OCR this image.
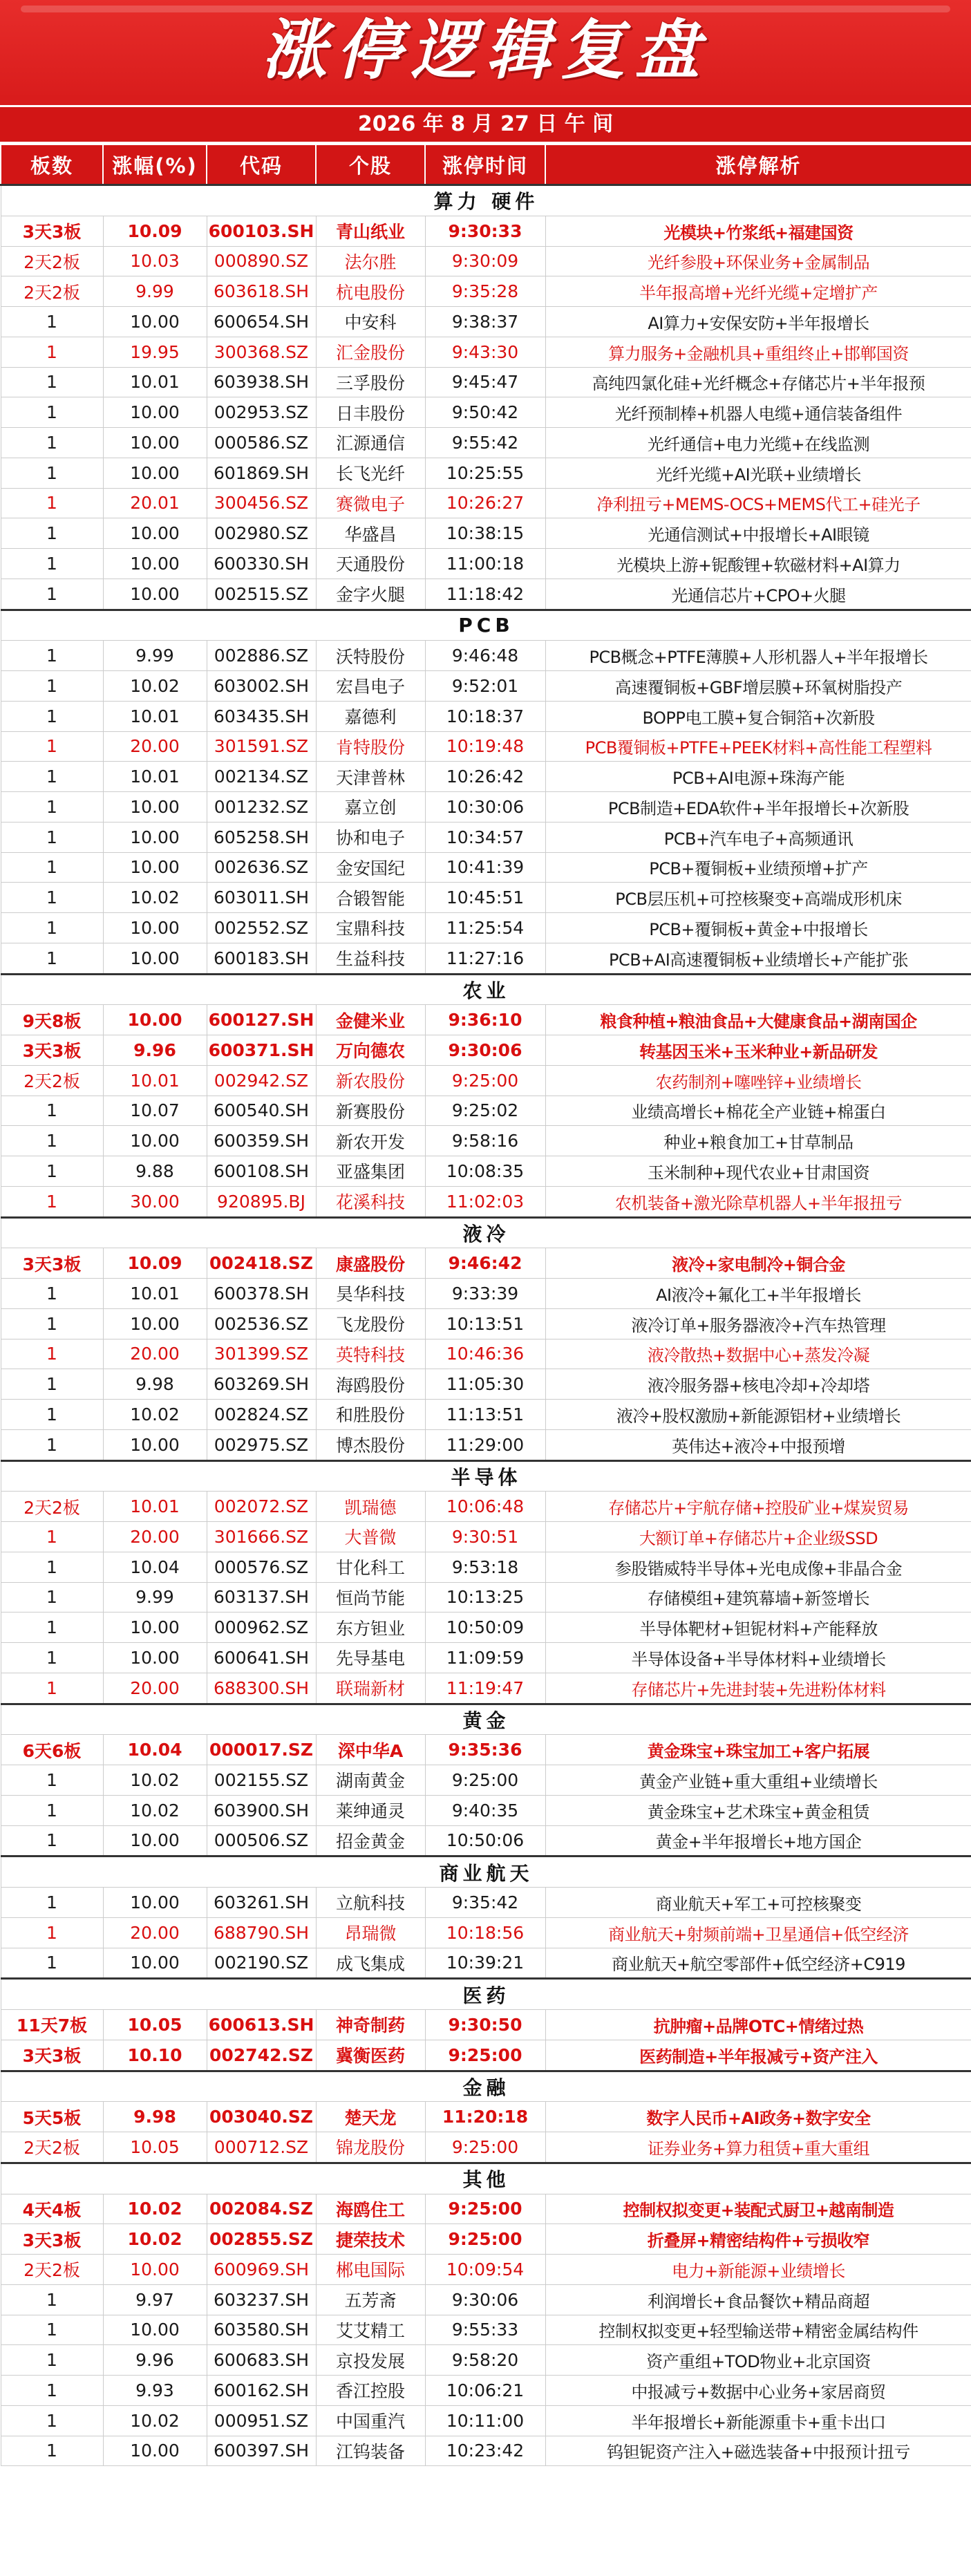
涨停逻辑复盘
2026 年 8 月 27 日 午 间
板数	涨幅(%)	代码	个股	涨停时间	涨停解析
算力 硬件					
3天3板	10.09	600103.SH	青山纸业	9:30:33	光模块+竹浆纸+福建国资
2天2板	10.03	000890.SZ	法尔胜	9:30:09	光纤参股+环保业务+金属制品
2天2板	9.99	603618.SH	杭电股份	9:35:28	半年报高增+光纤光缆+定增扩产
1	10.00	600654.SH	中安科	9:38:37	AI算力+安保安防+半年报增长
1	19.95	300368.SZ	汇金股份	9:43:30	算力服务+金融机具+重组终止+邯郸国资
1	10.01	603938.SH	三孚股份	9:45:47	高纯四氯化硅+光纤概念+存储芯片+半年报预
1	10.00	002953.SZ	日丰股份	9:50:42	光纤预制棒+机器人电缆+通信装备组件
1	10.00	000586.SZ	汇源通信	9:55:42	光纤通信+电力光缆+在线监测
1	10.00	601869.SH	长飞光纤	10:25:55	光纤光缆+AI光联+业绩增长
1	20.01	300456.SZ	赛微电子	10:26:27	净利扭亏+MEMS-OCS+MEMS代工+硅光子
1	10.00	002980.SZ	华盛昌	10:38:15	光通信测试+中报增长+AI眼镜
1	10.00	600330.SH	天通股份	11:00:18	光模块上游+铌酸锂+软磁材料+AI算力
1	10.00	002515.SZ	金字火腿	11:18:42	光通信芯片+CPO+火腿
PCB					
1	9.99	002886.SZ	沃特股份	9:46:48	PCB概念+PTFE薄膜+人形机器人+半年报增长
1	10.02	603002.SH	宏昌电子	9:52:01	高速覆铜板+GBF增层膜+环氧树脂投产
1	10.01	603435.SH	嘉德利	10:18:37	BOPP电工膜+复合铜箔+次新股
1	20.00	301591.SZ	肯特股份	10:19:48	PCB覆铜板+PTFE+PEEK材料+高性能工程塑料
1	10.01	002134.SZ	天津普林	10:26:42	PCB+AI电源+珠海产能
1	10.00	001232.SZ	嘉立创	10:30:06	PCB制造+EDA软件+半年报增长+次新股
1	10.00	605258.SH	协和电子	10:34:57	PCB+汽车电子+高频通讯
1	10.00	002636.SZ	金安国纪	10:41:39	PCB+覆铜板+业绩预增+扩产
1	10.02	603011.SH	合锻智能	10:45:51	PCB层压机+可控核聚变+高端成形机床
1	10.00	002552.SZ	宝鼎科技	11:25:54	PCB+覆铜板+黄金+中报增长
1	10.00	600183.SH	生益科技	11:27:16	PCB+AI高速覆铜板+业绩增长+产能扩张
农业					
9天8板	10.00	600127.SH	金健米业	9:36:10	粮食种植+粮油食品+大健康食品+湖南国企
3天3板	9.96	600371.SH	万向德农	9:30:06	转基因玉米+玉米种业+新品研发
2天2板	10.01	002942.SZ	新农股份	9:25:00	农药制剂+噻唑锌+业绩增长
1	10.07	600540.SH	新赛股份	9:25:02	业绩高增长+棉花全产业链+棉蛋白
1	10.00	600359.SH	新农开发	9:58:16	种业+粮食加工+甘草制品
1	9.88	600108.SH	亚盛集团	10:08:35	玉米制种+现代农业+甘肃国资
1	30.00	920895.BJ	花溪科技	11:02:03	农机装备+激光除草机器人+半年报扭亏
液冷					
3天3板	10.09	002418.SZ	康盛股份	9:46:42	液冷+家电制冷+铜合金
1	10.01	600378.SH	昊华科技	9:33:39	AI液冷+氟化工+半年报增长
1	10.00	002536.SZ	飞龙股份	10:13:51	液冷订单+服务器液冷+汽车热管理
1	20.00	301399.SZ	英特科技	10:46:36	液冷散热+数据中心+蒸发冷凝
1	9.98	603269.SH	海鸥股份	11:05:30	液冷服务器+核电冷却+冷却塔
1	10.02	002824.SZ	和胜股份	11:13:51	液冷+股权激励+新能源铝材+业绩增长
1	10.00	002975.SZ	博杰股份	11:29:00	英伟达+液冷+中报预增
半导体					
2天2板	10.01	002072.SZ	凯瑞德	10:06:48	存储芯片+宇航存储+控股矿业+煤炭贸易
1	20.00	301666.SZ	大普微	9:30:51	大额订单+存储芯片+企业级SSD
1	10.04	000576.SZ	甘化科工	9:53:18	参股锴威特半导体+光电成像+非晶合金
1	9.99	603137.SH	恒尚节能	10:13:25	存储模组+建筑幕墙+新签增长
1	10.00	000962.SZ	东方钽业	10:50:09	半导体靶材+钽铌材料+产能释放
1	10.00	600641.SH	先导基电	11:09:59	半导体设备+半导体材料+业绩增长
1	20.00	688300.SH	联瑞新材	11:19:47	存储芯片+先进封装+先进粉体材料
黄金					
6天6板	10.04	000017.SZ	深中华A	9:35:36	黄金珠宝+珠宝加工+客户拓展
1	10.02	002155.SZ	湖南黄金	9:25:00	黄金产业链+重大重组+业绩增长
1	10.02	603900.SH	莱绅通灵	9:40:35	黄金珠宝+艺术珠宝+黄金租赁
1	10.00	000506.SZ	招金黄金	10:50:06	黄金+半年报增长+地方国企
商业航天					
1	10.00	603261.SH	立航科技	9:35:42	商业航天+军工+可控核聚变
1	20.00	688790.SH	昂瑞微	10:18:56	商业航天+射频前端+卫星通信+低空经济
1	10.00	002190.SZ	成飞集成	10:39:21	商业航天+航空零部件+低空经济+C919
医药					
11天7板	10.05	600613.SH	神奇制药	9:30:50	抗肿瘤+品牌OTC+情绪过热
3天3板	10.10	002742.SZ	冀衡医药	9:25:00	医药制造+半年报减亏+资产注入
金融					
5天5板	9.98	003040.SZ	楚天龙	11:20:18	数字人民币+AI政务+数字安全
2天2板	10.05	000712.SZ	锦龙股份	9:25:00	证券业务+算力租赁+重大重组
其他					
4天4板	10.02	002084.SZ	海鸥住工	9:25:00	控制权拟变更+装配式厨卫+越南制造
3天3板	10.02	002855.SZ	捷荣技术	9:25:00	折叠屏+精密结构件+亏损收窄
2天2板	10.00	600969.SH	郴电国际	10:09:54	电力+新能源+业绩增长
1	9.97	603237.SH	五芳斋	9:30:06	利润增长+食品餐饮+精品商超
1	10.00	603580.SH	艾艾精工	9:55:33	控制权拟变更+轻型输送带+精密金属结构件
1	9.96	600683.SH	京投发展	9:58:20	资产重组+TOD物业+北京国资
1	9.93	600162.SH	香江控股	10:06:21	中报减亏+数据中心业务+家居商贸
1	10.02	000951.SZ	中国重汽	10:11:00	半年报增长+新能源重卡+重卡出口
1	10.00	600397.SH	江钨装备	10:23:42	钨钽铌资产注入+磁选装备+中报预计扭亏
